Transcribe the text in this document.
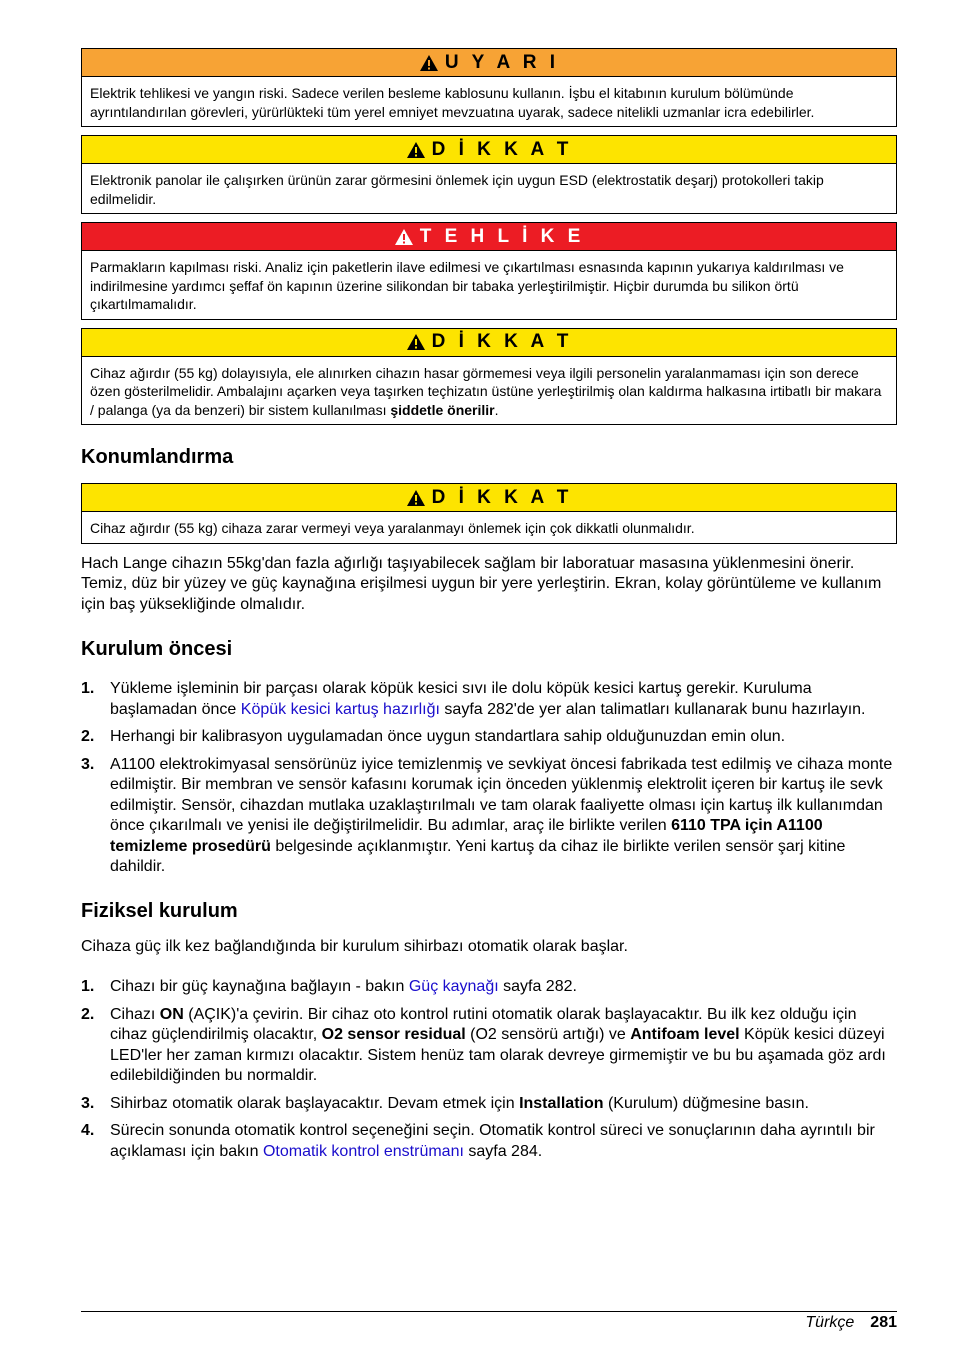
U Y A R I
Elektrik tehlikesi ve yangın riski. Sadece verilen besleme kablosunu kullanın. İşbu el kitabının kurulum bölümünde ayrıntılandırılan görevleri, yürürlükteki tüm yerel emniyet mevzuatına uyarak, sadece nitelikli uzmanlar icra edebilirler.
D İ K K A T
Elektronik panolar ile çalışırken ürünün zarar görmesini önlemek için uygun ESD (elektrostatik deşarj) protokolleri takip edilmelidir.
T E H L İ K E
Parmakların kapılması riski. Analiz için paketlerin ilave edilmesi ve çıkartılması esnasında kapının yukarıya kaldırılması ve indirilmesine yardımcı şeffaf ön kapının üzerine silikondan bir tabaka yerleştirilmiştir. Hiçbir durumda bu silikon örtü çıkartılmamalıdır.
D İ K K A T
Cihaz ağırdır (55 kg) dolayısıyla, ele alınırken cihazın hasar görmemesi veya ilgili personelin yaralanmaması için son derece özen gösterilmelidir. Ambalajını açarken veya taşırken teçhizatın üstüne yerleştirilmiş olan kaldırma halkasına irtibatlı bir makara / palanga (ya da benzeri) bir sistem kullanılması şiddetle önerilir.
Konumlandırma
D İ K K A T
Cihaz ağırdır (55 kg) cihaza zarar vermeyi veya yaralanmayı önlemek için çok dikkatli olunmalıdır.

Hach Lange cihazın 55kg'dan fazla ağırlığı taşıyabilecek sağlam bir laboratuar masasına yüklenmesini önerir. Temiz, düz bir yüzey ve güç kaynağına erişilmesi uygun bir yere yerleştirin. Ekran, kolay görüntüleme ve kullanım için baş yüksekliğinde olmalıdır.

Kurulum öncesi
1. Yükleme işleminin bir parçası olarak köpük kesici sıvı ile dolu köpük kesici kartuş gerekir. Kuruluma başlamadan önce Köpük kesici kartuş hazırlığı sayfa 282'de yer alan talimatları kullanarak bunu hazırlayın.
2. Herhangi bir kalibrasyon uygulamadan önce uygun standartlara sahip olduğunuzdan emin olun.
3. A1100 elektrokimyasal sensörünüz iyice temizlenmiş ve sevkiyat öncesi fabrikada test edilmiş ve cihaza monte edilmiştir. Bir membran ve sensör kafasını korumak için önceden yüklenmiş elektrolit içeren bir kartuş ile sevk edilmiştir. Sensör, cihazdan mutlaka uzaklaştırılmalı ve tam olarak faaliyette olması için kartuş ilk kullanımdan önce çıkarılmalı ve yenisi ile değiştirilmelidir. Bu adımlar, araç ile birlikte verilen 6110 TPA için A1100 temizleme prosedürü belgesinde açıklanmıştır. Yeni kartuş da cihaz ile birlikte verilen sensör şarj kitine dahildir.
Fiziksel kurulum

Cihaza güç ilk kez bağlandığında bir kurulum sihirbazı otomatik olarak başlar.

1. Cihazı bir güç kaynağına bağlayın - bakın Güç kaynağı sayfa 282.
2. Cihazı ON (AÇIK)'a çevirin. Bir cihaz oto kontrol rutini otomatik olarak başlayacaktır. Bu ilk kez olduğu için cihaz güçlendirilmiş olacaktır, O2 sensor residual (O2 sensörü artığı) ve Antifoam level Köpük kesici düzeyi LED'ler her zaman kırmızı olacaktır. Sistem henüz tam olarak devreye girmemiştir ve bu bu aşamada göz ardı edilebildiğinden bu normaldir.
3. Sihirbaz otomatik olarak başlayacaktır. Devam etmek için Installation (Kurulum) düğmesine basın.
4. Sürecin sonunda otomatik kontrol seçeneğini seçin. Otomatik kontrol süreci ve sonuçlarının daha ayrıntılı bir açıklaması için bakın Otomatik kontrol enstrümanı sayfa 284.
Türkçe 281
